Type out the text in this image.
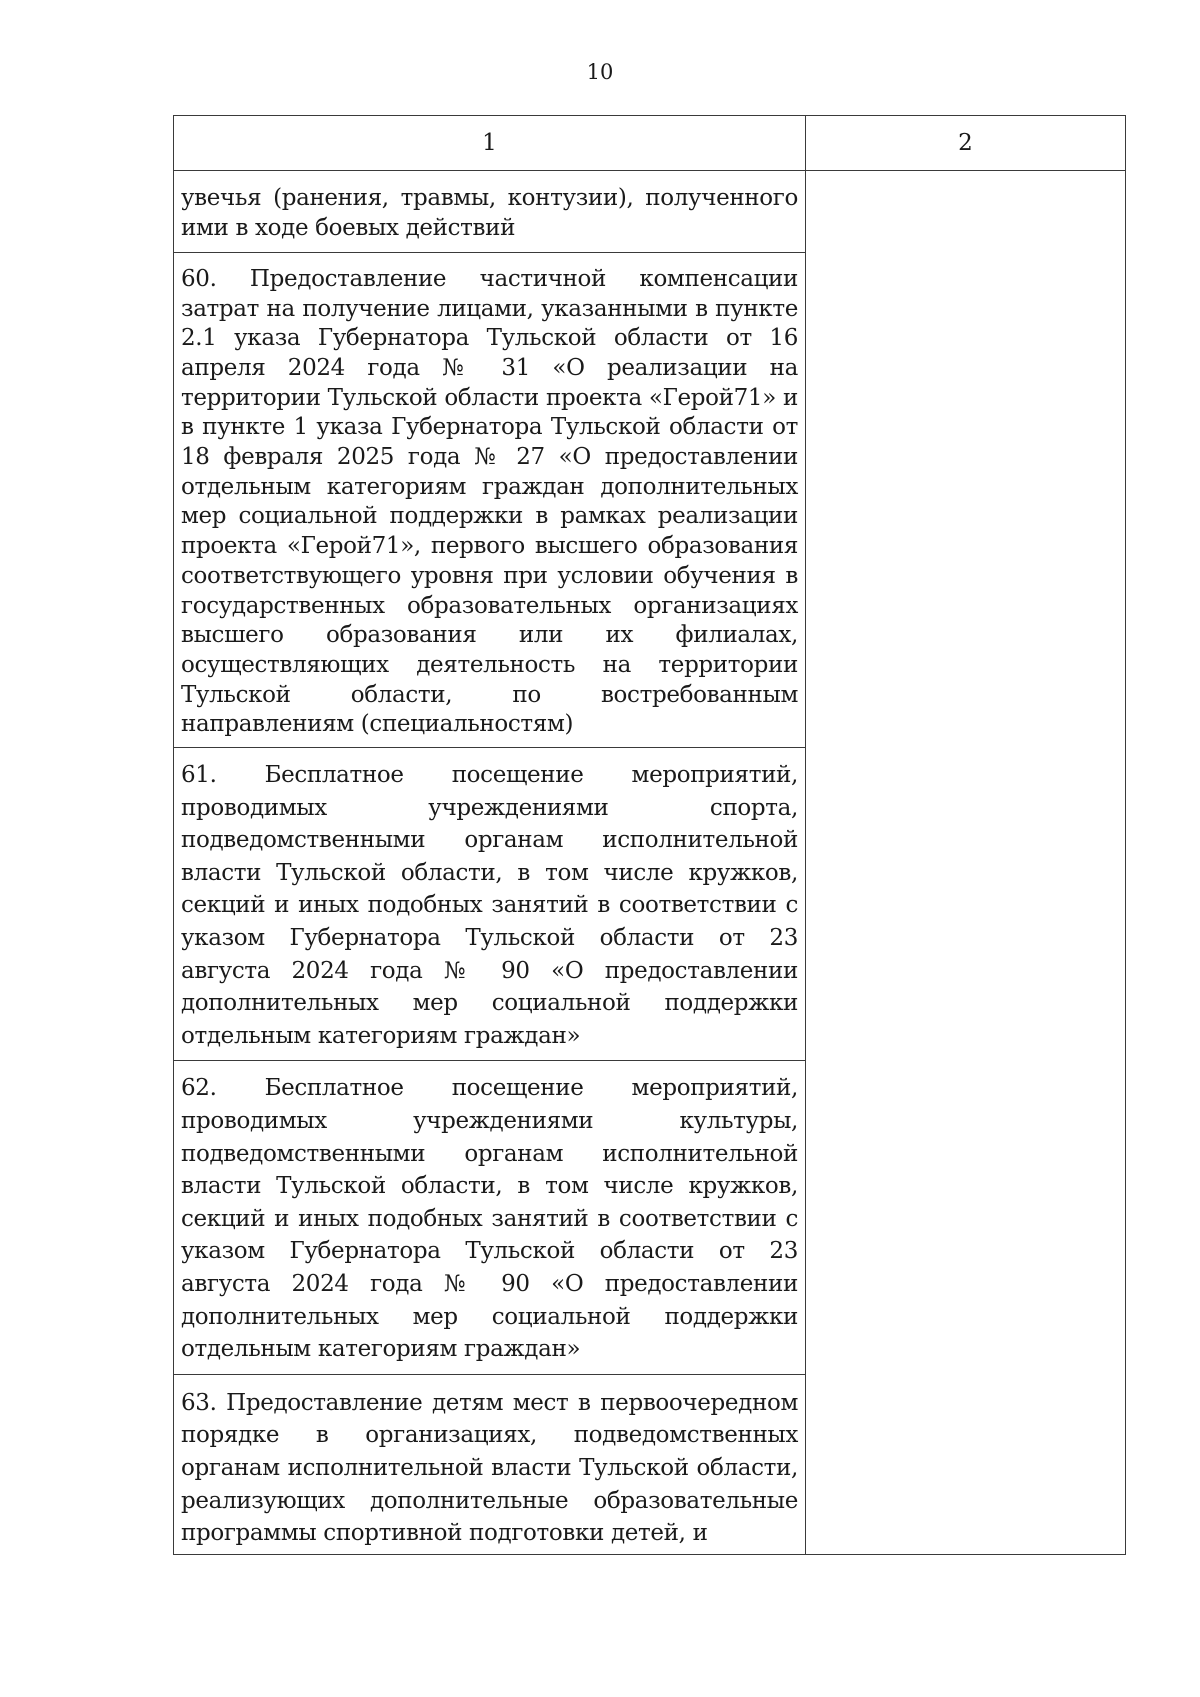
10
1	2
увечья (ранения, травмы, контузии), полученного ими в ходе боевых действий	
60. Предоставление частичной компенсации затрат на получение лицами, указанными в пункте 2.1 указа Губернатора Тульской области от 16 апреля 2024 года № 31 «О реализации на территории Тульской области проекта «Герой71» и в пункте 1 указа Губернатора Тульской области от 18 февраля 2025 года № 27 «О предоставлении отдельным категориям граждан дополнительных мер социальной поддержки в рамках реализации проекта «Герой71», первого высшего образования соответствующего уровня при условии обучения в государственных образовательных организациях высшего образования или их филиалах, осуществляющих деятельность на территории Тульской области, по востребованным направлениям (специальностям)	
61. Бесплатное посещение мероприятий, проводимых учреждениями спорта, подведомственными органам исполнительной власти Тульской области, в том числе кружков, секций и иных подобных занятий в соответствии с указом Губернатора Тульской области от 23 августа 2024 года № 90 «О предоставлении дополнительных мер социальной поддержки отдельным категориям граждан»	
62. Бесплатное посещение мероприятий, проводимых учреждениями культуры, подведомственными органам исполнительной власти Тульской области, в том числе кружков, секций и иных подобных занятий в соответствии с указом Губернатора Тульской области от 23 августа 2024 года № 90 «О предоставлении дополнительных мер социальной поддержки отдельным категориям граждан»	
63. Предоставление детям мест в первоочередном порядке в организациях, подведомственных органам исполнительной власти Тульской области, реализующих дополнительные образовательные программы спортивной подготовки детей, и	
